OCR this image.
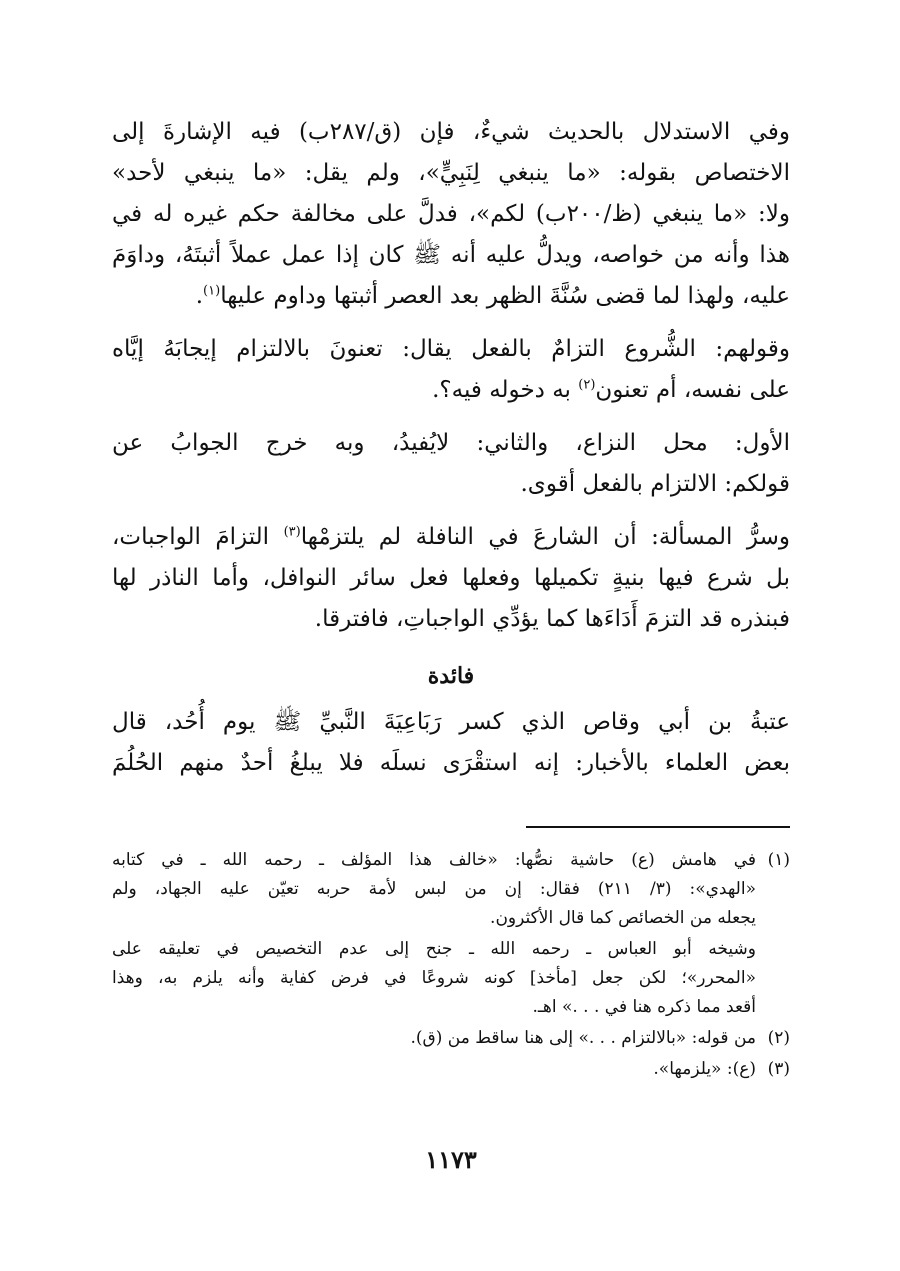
وفي الاستدلال بالحديث شيءٌ، فإن (ق/٢٨٧ب) فيه الإشارةَ إلى
الاختصاص بقوله: «ما ينبغي لِنَبِيٍّ»، ولم يقل: «ما ينبغي لأحد»
ولا: «ما ينبغي (ظ/٢٠٠ب) لكم»، فدلَّ على مخالفة حكم غيره له في
هذا وأنه من خواصه، ويدلُّ عليه أنه ﷺ كان إذا عمل عملاً أثبتَهُ، وداوَمَ
عليه، ولهذا لما قضى سُنَّةَ الظهر بعد العصر أثبتها وداوم عليها$^{(١)}$.

وقولهم: الشُّروع التزامٌ بالفعل يقال: تعنونَ بالالتزام إيجابَهُ إيَّاه
على نفسه، أم تعنون$^{(٢)}$ به دخوله فيه؟.

الأول: محل النزاع، والثاني: لايُفيدُ، وبه خرج الجوابُ عن
قولكم: الالتزام بالفعل أقوى.

وسرُّ المسألة: أن الشارعَ في النافلة لم يلتزمْها$^{(٣)}$ التزامَ الواجبات،
بل شرع فيها بنيةٍ تكميلها وفعلها فعل سائر النوافل، وأما الناذر لها
فبنذره قد التزمَ أَدَاءَها كما يؤدِّي الواجباتِ، فافترقا.

فائدة

عتبةُ بن أبي وقاص الذي كسر رَبَاعِيَةَ النَّبيِّ ﷺ يوم أُحُد، قال
بعض العلماء بالأخبار: إنه استقْرَى نسلَه فلا يبلغُ أحدٌ منهم الحُلُمَ

(١)
في هامش (ع) حاشية نصُّها: «خالف هذا المؤلف ـ رحمه الله ـ في كتابه
«الهدي»: (٣/ ٢١١) فقال: إن من لبس لأمة حربه تعيّن عليه الجهاد، ولم
يجعله من الخصائص كما قال الأكثرون.
وشيخه أبو العباس ـ رحمه الله ـ جنح إلى عدم التخصيص في تعليقه على
«المحرر»؛ لكن جعل [مأخذ] كونه شروعًا في فرض كفاية وأنه يلزم به، وهذا
أقعد مما ذكره هنا في . . .» اهـ.
(٢)
من قوله: «بالالتزام . . .» إلى هنا ساقط من (ق).
(٣)
(ع): «يلزمها».
١١٧٣
